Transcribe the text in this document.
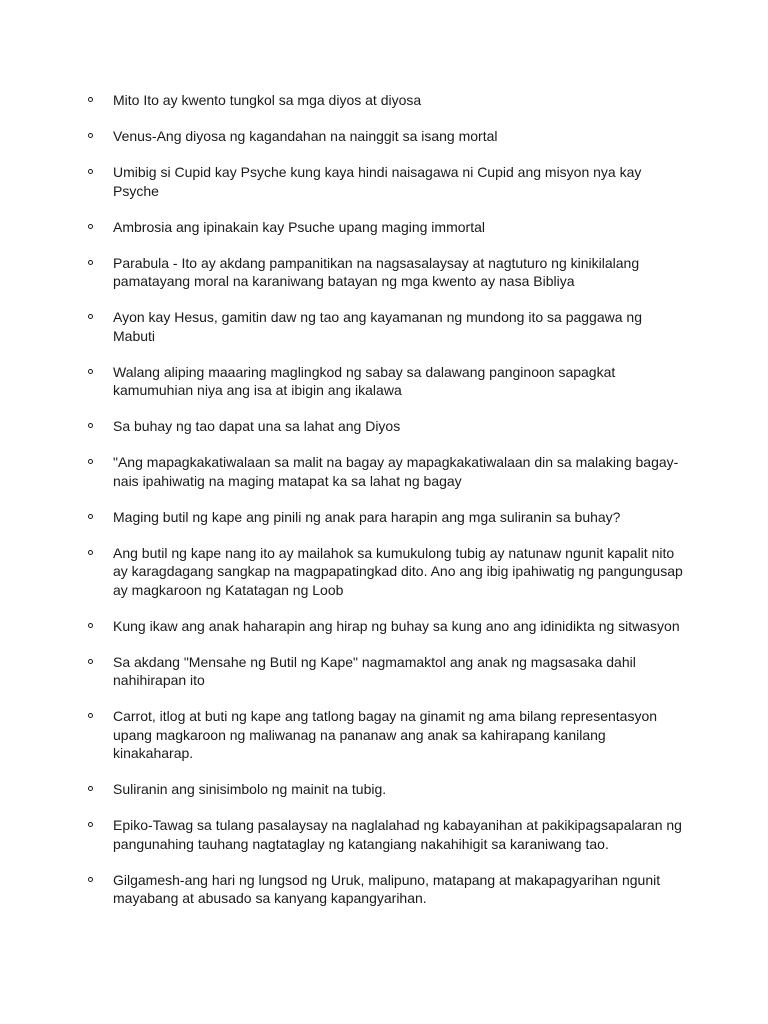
Mito Ito ay kwento tungkol sa mga diyos at diyosa
Venus-Ang diyosa ng kagandahan na nainggit sa isang mortal
Umibig si Cupid kay Psyche kung kaya hindi naisagawa ni Cupid ang misyon nya kay Psyche
Ambrosia ang ipinakain kay Psuche upang maging immortal
Parabula - Ito ay akdang pampanitikan na nagsasalaysay at nagtuturo ng kinikilalang pamatayang moral na karaniwang batayan ng mga kwento ay nasa Bibliya
Ayon kay Hesus, gamitin daw ng tao ang kayamanan ng mundong ito sa paggawa ng Mabuti
Walang aliping maaaring maglingkod ng sabay sa dalawang panginoon sapagkat kamumuhian niya ang isa at ibigin ang ikalawa
Sa buhay ng tao dapat una sa lahat ang Diyos
"Ang mapagkakatiwalaan sa malit na bagay ay mapagkakatiwalaan din sa malaking bagay- nais ipahiwatig na maging matapat ka sa lahat ng bagay
Maging butil ng kape ang pinili ng anak para harapin ang mga suliranin sa buhay?
Ang butil ng kape nang ito ay mailahok sa kumukulong tubig ay natunaw ngunit kapalit nito ay karagdagang sangkap na magpapatingkad dito. Ano ang ibig ipahiwatig ng pangungusap ay magkaroon ng Katatagan ng Loob
Kung ikaw ang anak haharapin ang hirap ng buhay sa kung ano ang idinidikta ng sitwasyon
Sa akdang "Mensahe ng Butil ng Kape" nagmamaktol ang anak ng magsasaka dahil nahihirapan ito
Carrot, itlog at buti ng kape ang tatlong bagay na ginamit ng ama bilang representasyon upang magkaroon ng maliwanag na pananaw ang anak sa kahirapang kanilang kinakaharap.
Suliranin ang sinisimbolo ng mainit na tubig.
Epiko-Tawag sa tulang pasalaysay na naglalahad ng kabayanihan at pakikipagsapalaran ng pangunahing tauhang nagtataglay ng katangiang nakahihigit sa karaniwang tao.
Gilgamesh-ang hari ng lungsod ng Uruk, malipuno, matapang at makapagyarihan ngunit mayabang at abusado sa kanyang kapangyarihan.
